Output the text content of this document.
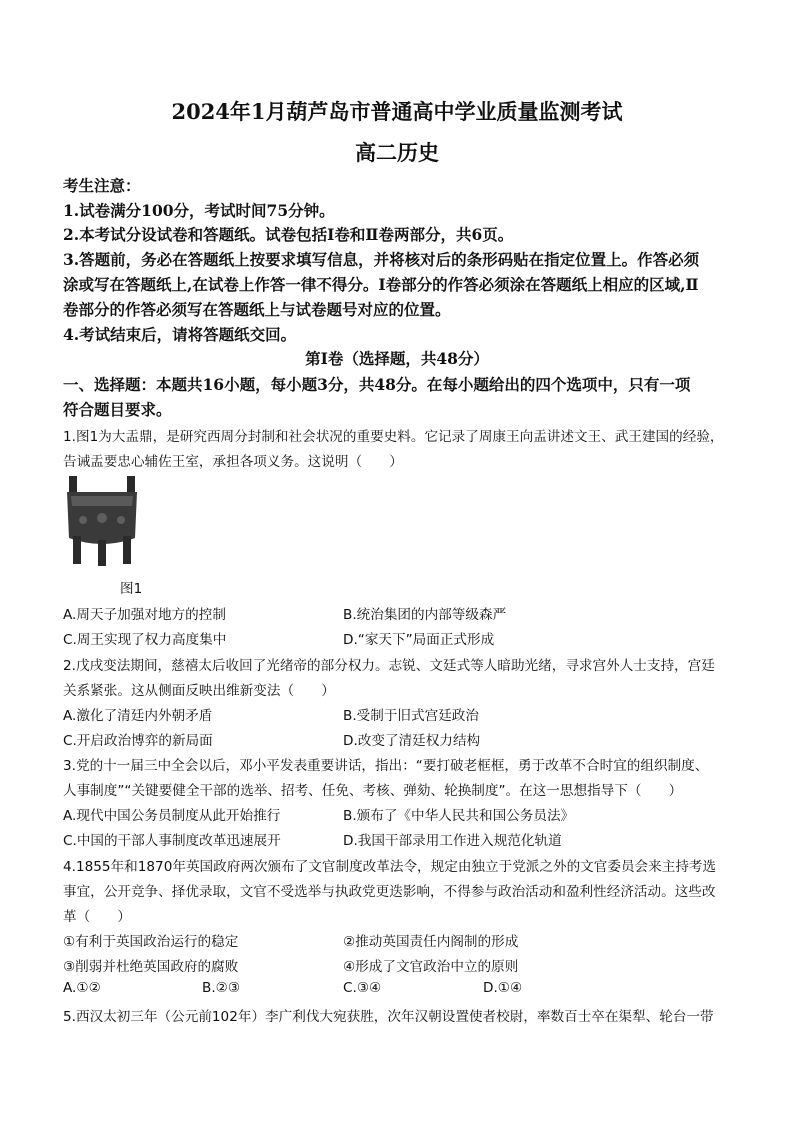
2024年1月葫芦岛市普通高中学业质量监测考试
高二历史
考生注意：
1.试卷满分100分，考试时间75分钟。
2.本考试分设试卷和答题纸。试卷包括Ⅰ卷和Ⅱ卷两部分，共6页。
3.答题前，务必在答题纸上按要求填写信息，并将核对后的条形码贴在指定位置上。作答必须
涂或写在答题纸上,在试卷上作答一律不得分。Ⅰ卷部分的作答必须涂在答题纸上相应的区域,Ⅱ
卷部分的作答必须写在答题纸上与试卷题号对应的位置。
4.考试结束后，请将答题纸交回。
第Ⅰ卷（选择题，共48分）
一、选择题：本题共16小题，每小题3分，共48分。在每小题给出的四个选项中，只有一项
符合题目要求。
1.图1为大盂鼎，是研究西周分封制和社会状况的重要史料。它记录了周康王向盂讲述文王、武王建国的经验，
告诫盂要忠心辅佐王室，承担各项义务。这说明（　　）
图1
A.周天子加强对地方的控制	B.统治集团的内部等级森严
C.周王实现了权力高度集中	D.“家天下”局面正式形成
2.戊戌变法期间，慈禧太后收回了光绪帝的部分权力。志锐、文廷式等人暗助光绪，寻求宫外人士支持，宫廷
关系紧张。这从侧面反映出维新变法（　　）
A.激化了清廷内外朝矛盾	B.受制于旧式宫廷政治
C.开启政治博弈的新局面	D.改变了清廷权力结构
3.党的十一届三中全会以后，邓小平发表重要讲话，指出：“要打破老框框，勇于改革不合时宜的组织制度、
人事制度”“关键要健全干部的选举、招考、任免、考核、弹劾、轮换制度”。在这一思想指导下（　　）
A.现代中国公务员制度从此开始推行	B.颁布了《中华人民共和国公务员法》
C.中国的干部人事制度改革迅速展开	D.我国干部录用工作进入规范化轨道
4.1855年和1870年英国政府两次颁布了文官制度改革法令，规定由独立于党派之外的文官委员会来主持考选
事宜，公开竞争、择优录取，文官不受选举与执政党更迭影响，不得参与政治活动和盈利性经济活动。这些改
革（　　）
①有利于英国政治运行的稳定	②推动英国责任内阁制的形成
③削弱并杜绝英国政府的腐败	④形成了文官政治中立的原则
A.①②	B.②③	C.③④	D.①④
5.西汉太初三年（公元前102年）李广利伐大宛获胜，次年汉朝设置使者校尉，率数百士卒在渠犁、轮台一带
